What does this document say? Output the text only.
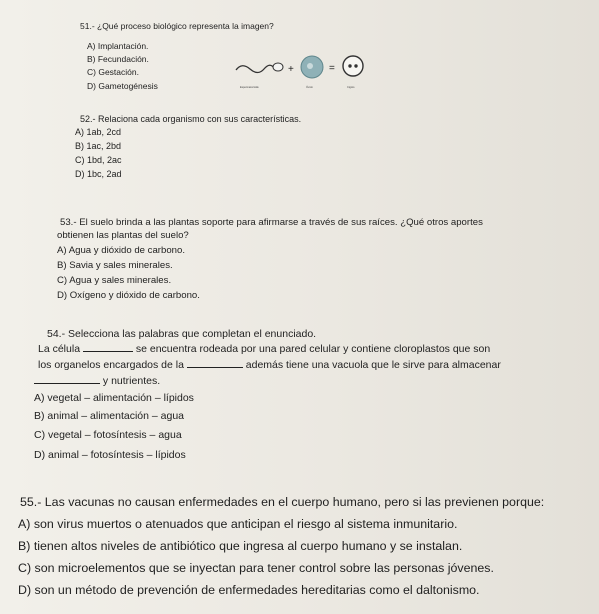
51.- ¿Qué proceso biológico representa la imagen?
A) Implantación.
B) Fecundación.
C) Gestación.
D) Gametogénesis
+	=
Espermatozoide	Óvulo	Cigoto
52.- Relaciona cada organismo con sus características.
A) 1ab, 2cd
B) 1ac, 2bd
C) 1bd, 2ac
D) 1bc, 2ad
53.- El suelo brinda a las plantas soporte para afirmarse a través de sus raíces. ¿Qué otros aportes
obtienen las plantas del suelo?
A) Agua y dióxido de carbono.
B) Savia y sales minerales.
C) Agua y sales minerales.
D) Oxígeno y dióxido de carbono.
54.- Selecciona las palabras que completan el enunciado.
La célula	se encuentra rodeada por una pared celular y contiene cloroplastos que son
los organelos encargados de la	además tiene una vacuola que le sirve para almacenar
y nutrientes.
A) vegetal – alimentación – lípidos
B) animal – alimentación – agua
C) vegetal – fotosíntesis – agua
D) animal – fotosíntesis – lípidos
55.- Las vacunas no causan enfermedades en el cuerpo humano, pero si las previenen porque:
A) son virus muertos o atenuados que anticipan el riesgo al sistema inmunitario.
B) tienen altos niveles de antibiótico que ingresa al cuerpo humano y se instalan.
C) son microelementos que se inyectan para tener control sobre las personas jóvenes.
D) son un método de prevención de enfermedades hereditarias como el daltonismo.
